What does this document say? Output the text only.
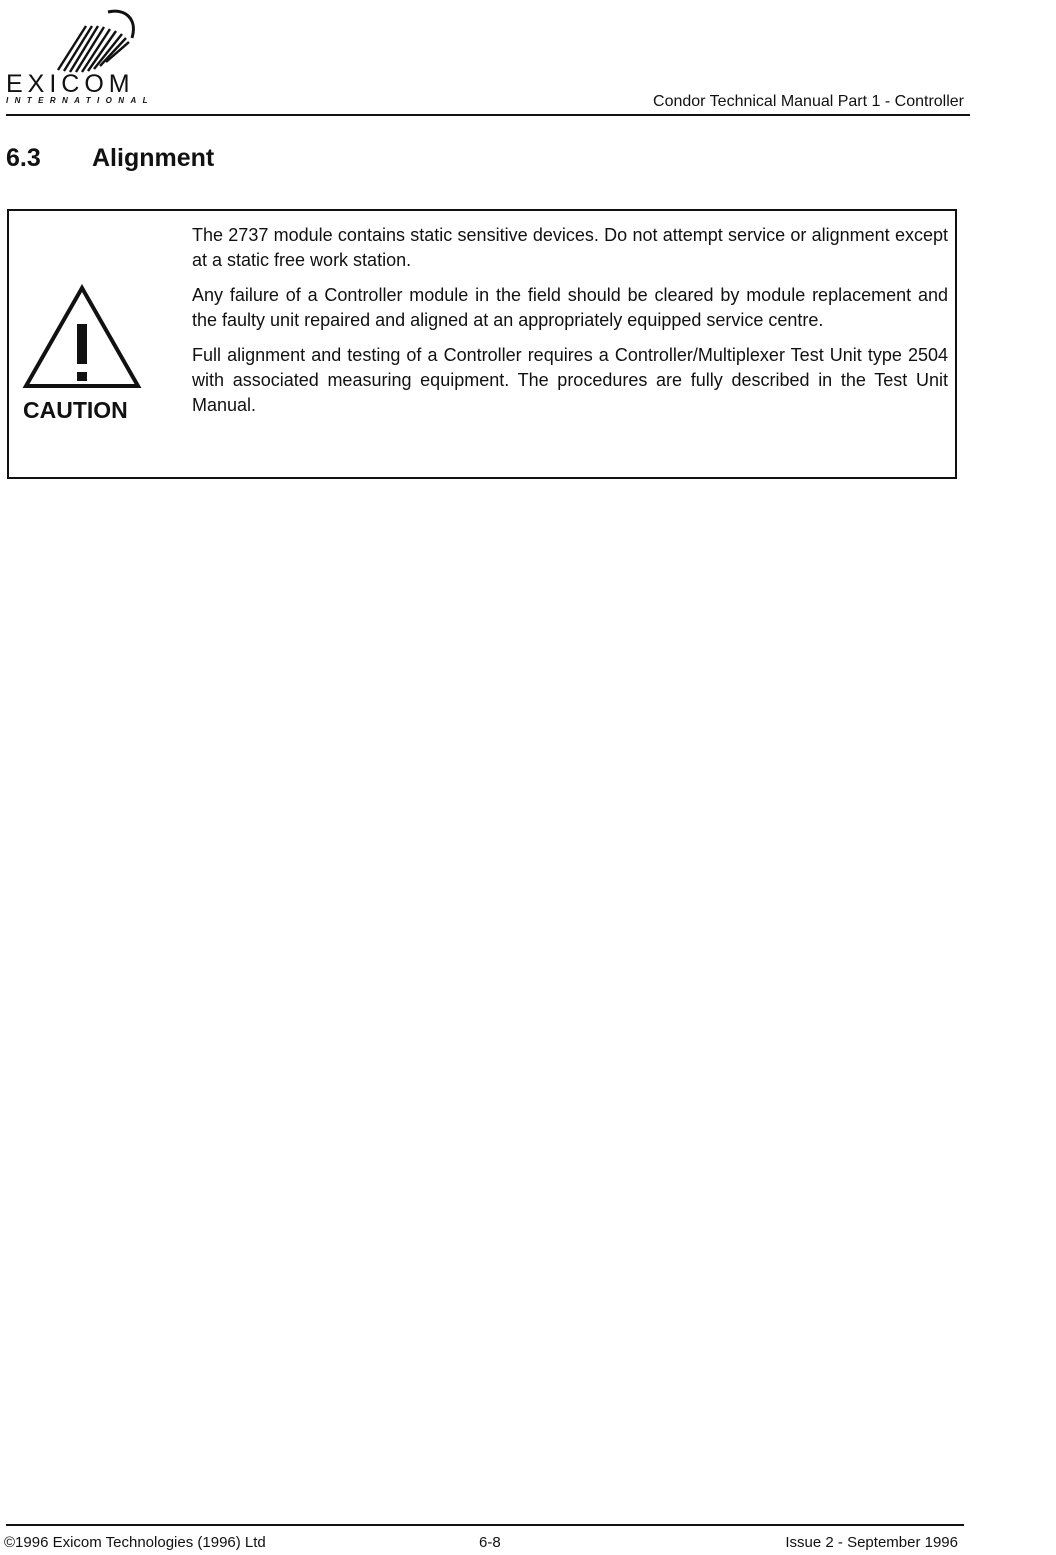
EXICOM
INTERNATIONAL	Condor Technical Manual Part 1 - Controller
6.3 Alignment
CAUTION

The 2737 module contains static sensitive devices. Do not attempt service or alignment except at a static free work station.

Any failure of a Controller module in the field should be cleared by module replacement and the faulty unit repaired and aligned at an appropriately equipped service centre.

Full alignment and testing of a Controller requires a Controller/Multiplexer Test Unit type 2504 with associated measuring equipment. The procedures are fully described in the Test Unit Manual.

©1996 Exicom Technologies (1996) Ltd	6-8	Issue 2 - September 1996
